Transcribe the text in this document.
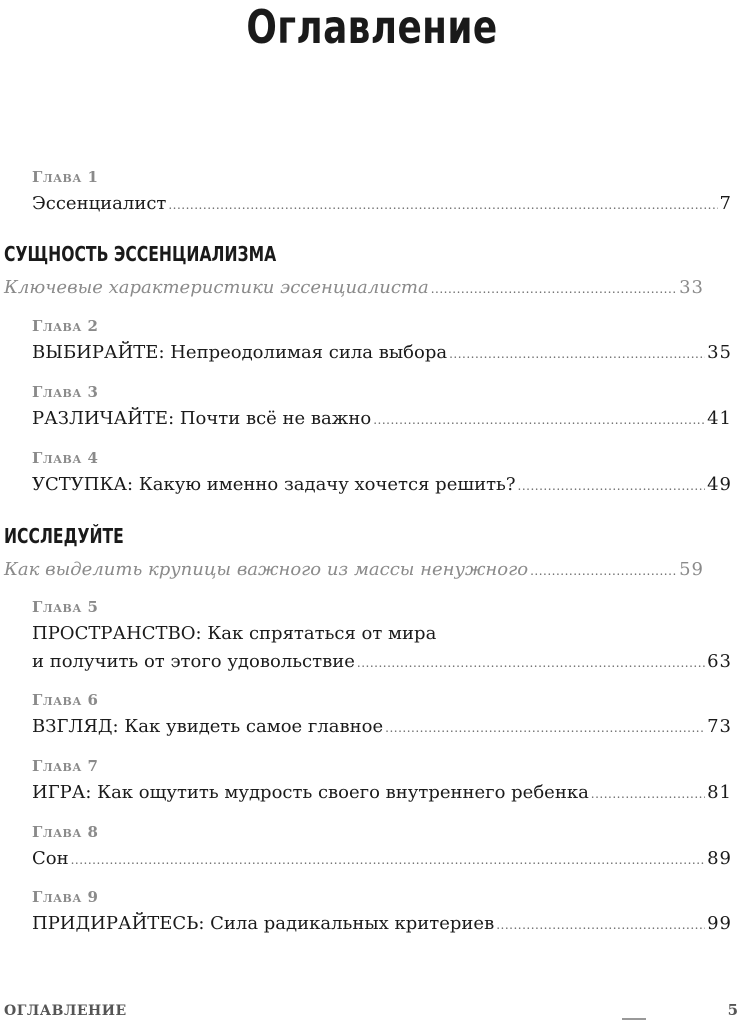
Оглавление
Глава 1
Эссенциалист .....	7
СУЩНОСТЬ ЭССЕНЦИАЛИЗМА
Ключевые характеристики эссенциалиста .....	33
Глава 2
ВЫБИРАЙТЕ: Непреодолимая сила выбора .....	35
Глава 3
РАЗЛИЧАЙТЕ: Почти всё не важно .....	41
Глава 4
УСТУПКА: Какую именно задачу хочется решить? .....	49
ИССЛЕДУЙТЕ
Как выделить крупицы важного из массы ненужного .....	59
Глава 5
ПРОСТРАНСТВО: Как спрятаться от мира
и получить от этого удовольствие .....	63
Глава 6
ВЗГЛЯД: Как увидеть самое главное .....	73
Глава 7
ИГРА: Как ощутить мудрость своего внутреннего ребенка .....	81
Глава 8
Сон .....	89
Глава 9
ПРИДИРАЙТЕСЬ: Сила радикальных критериев .....	99
ОГЛАВЛЕНИЕ	5
